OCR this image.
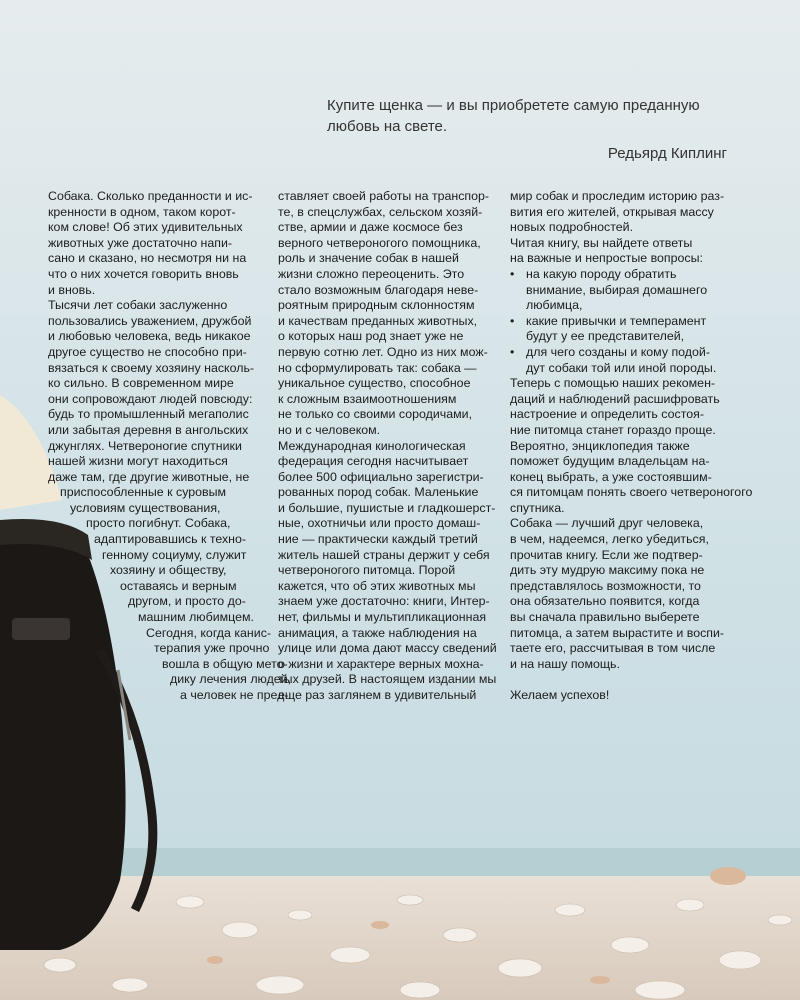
Купите щенка — и вы приобретете самую преданную
любовь на свете.
Редьярд Киплинг
Собака. Сколько преданности и ис-
кренности в одном, таком корот-
ком слове! Об этих удивительных
животных уже достаточно напи-
сано и сказано, но несмотря ни на
что о них хочется говорить вновь
и вновь.
Тысячи лет собаки заслуженно
пользовались уважением, дружбой
и любовью человека, ведь никакое
другое существо не способно при-
вязаться к своему хозяину насколь-
ко сильно. В современном мире
они сопровождают людей повсюду:
будь то промышленный мегаполис
или забытая деревня в ангольских
джунглях. Четвероногие спутники
нашей жизни могут находиться
даже там, где другие животные, не
приспособленные к суровым
условиям существования,
просто погибнут. Собака,
адаптировавшись к техно-
генному социуму, служит
хозяину и обществу,
оставаясь и верным
другом, и просто до-
машним любимцем.
Сегодня, когда канис-
терапия уже прочно
вошла в общую мето-
дику лечения людей,
а человек не пред-
ставляет своей работы на транспор-
те, в спецслужбах, сельском хозяй-
стве, армии и даже космосе без
верного четвероногого помощника,
роль и значение собак в нашей
жизни сложно переоценить. Это
стало возможным благодаря неве-
роятным природным склонностям
и качествам преданных животных,
о которых наш род знает уже не
первую сотню лет. Одно из них мож-
но сформулировать так: собака —
уникальное существо, способное
к сложным взаимоотношениям
не только со своими сородичами,
но и с человеком.
Международная кинологическая
федерация сегодня насчитывает
более 500 официально зарегистри-
рованных пород собак. Маленькие
и большие, пушистые и гладкошерст-
ные, охотничьи или просто домаш-
ние — практически каждый третий
житель нашей страны держит у себя
четвероногого питомца. Порой
кажется, что об этих животных мы
знаем уже достаточно: книги, Интер-
нет, фильмы и мультипликационная
анимация, а также наблюдения на
улице или дома дают массу сведений
о жизни и характере верных мохна-
тых друзей. В настоящем издании мы
еще раз заглянем в удивительный
мир собак и проследим историю раз-
вития его жителей, открывая массу
новых подробностей.
Читая книгу, вы найдете ответы
на важные и непростые вопросы:
• на какую породу обратить
внимание, выбирая домашнего
любимца,
• какие привычки и темперамент
будут у ее представителей,
• для чего созданы и кому подой-
дут собаки той или иной породы.
Теперь с помощью наших рекомен-
даций и наблюдений расшифровать
настроение и определить состоя-
ние питомца станет гораздо проще.
Вероятно, энциклопедия также
поможет будущим владельцам на-
конец выбрать, а уже состоявшим-
ся питомцам понять своего четвероногого
спутника.
Собака — лучший друг человека,
в чем, надеемся, легко убедиться,
прочитав книгу. Если же подтвер-
дить эту мудрую максиму пока не
представлялось возможности, то
она обязательно появится, когда
вы сначала правильно выберете
питомца, а затем вырастите и воспи-
таете его, рассчитывая в том числе
и на нашу помощь.
Желаем успехов!
